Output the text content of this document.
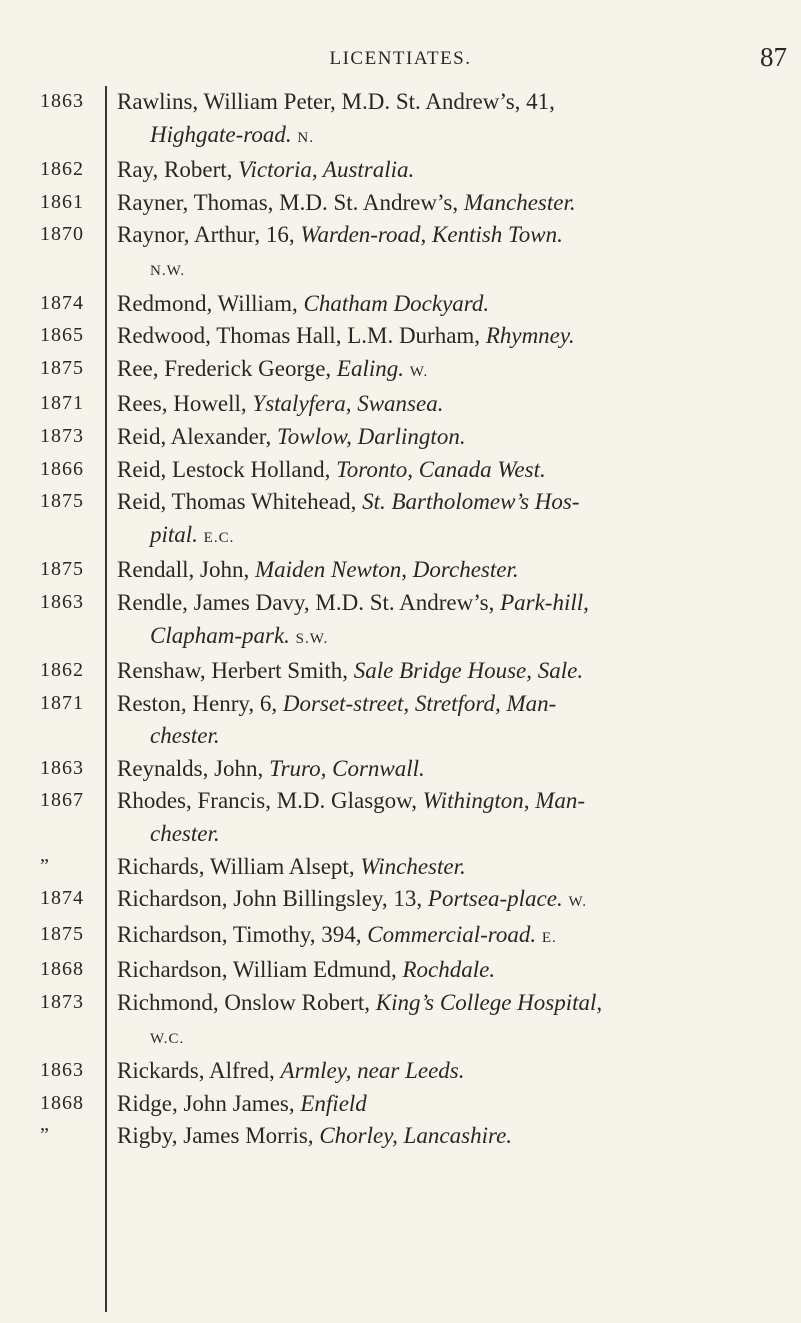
LICENTIATES.	87
1863	Rawlins, William Peter, M.D. St. Andrew’s, 41,
Highgate-road. N.
1862	Ray, Robert, Victoria, Australia.
1861	Rayner, Thomas, M.D. St. Andrew’s, Manchester.
1870	Raynor, Arthur, 16, Warden-road, Kentish Town.
N.W.
1874	Redmond, William, Chatham Dockyard.
1865	Redwood, Thomas Hall, L.M. Durham, Rhymney.
1875	Ree, Frederick George, Ealing. W.
1871	Rees, Howell, Ystalyfera, Swansea.
1873	Reid, Alexander, Towlow, Darlington.
1866	Reid, Lestock Holland, Toronto, Canada West.
1875	Reid, Thomas Whitehead, St. Bartholomew’s Hos-
pital. E.C.
1875	Rendall, John, Maiden Newton, Dorchester.
1863	Rendle, James Davy, M.D. St. Andrew’s, Park-hill,
Clapham-park. S.W.
1862	Renshaw, Herbert Smith, Sale Bridge House, Sale.
1871	Reston, Henry, 6, Dorset-street, Stretford, Man-
chester.
1863	Reynalds, John, Truro, Cornwall.
1867	Rhodes, Francis, M.D. Glasgow, Withington, Man-
chester.
”	Richards, William Alsept, Winchester.
1874	Richardson, John Billingsley, 13, Portsea-place. W.
1875	Richardson, Timothy, 394, Commercial-road. E.
1868	Richardson, William Edmund, Rochdale.
1873	Richmond, Onslow Robert, King’s College Hospital,
W.C.
1863	Rickards, Alfred, Armley, near Leeds.
1868	Ridge, John James, Enfield
”	Rigby, James Morris, Chorley, Lancashire.
